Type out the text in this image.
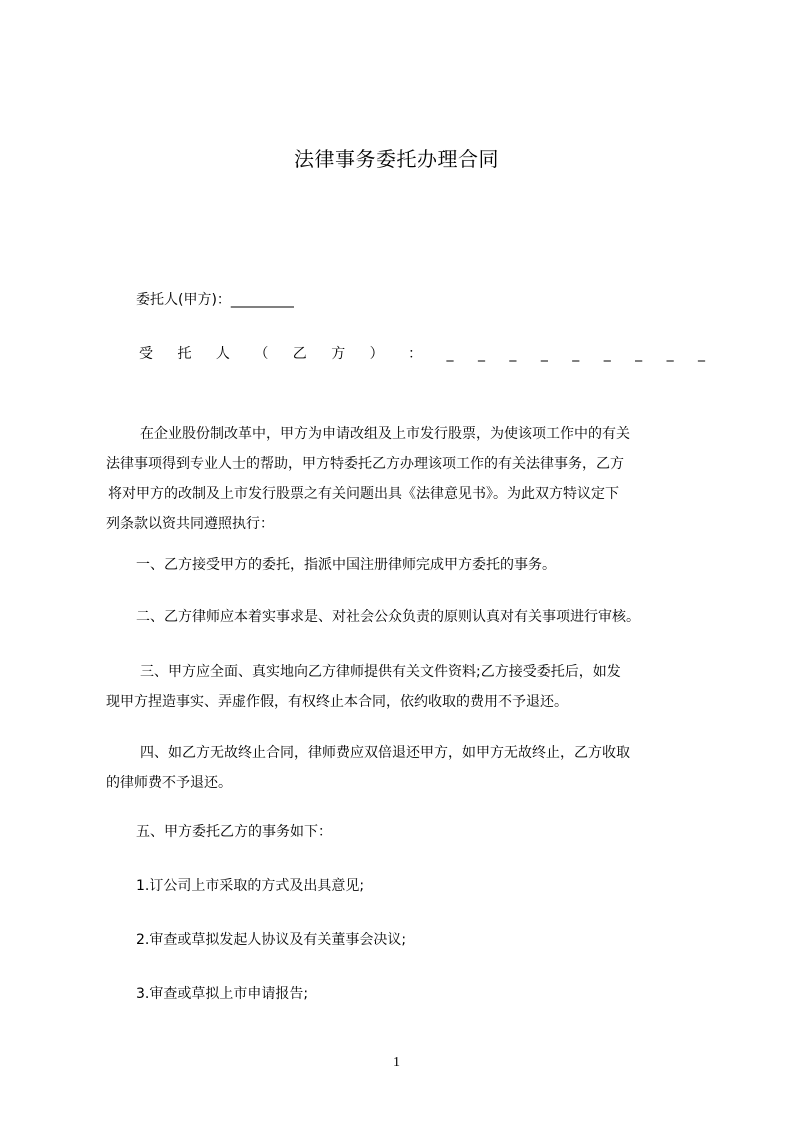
法律事务委托办理合同
委托人(甲方)：_________
受 托 人 （ 乙 方 ） ： _ _ _ _ _ _ _ _ _
在企业股份制改革中，甲方为申请改组及上市发行股票，为使该项工作中的有关
法律事项得到专业人士的帮助，甲方特委托乙方办理该项工作的有关法律事务，乙方
将对甲方的改制及上市发行股票之有关问题出具《法律意见书》。为此双方特议定下
列条款以资共同遵照执行：
一、乙方接受甲方的委托，指派中国注册律师完成甲方委托的事务。
二、乙方律师应本着实事求是、对社会公众负责的原则认真对有关事项进行审核。
三、甲方应全面、真实地向乙方律师提供有关文件资料;乙方接受委托后，如发
现甲方捏造事实、弄虚作假，有权终止本合同，依约收取的费用不予退还。
四、如乙方无故终止合同，律师费应双倍退还甲方，如甲方无故终止，乙方收取
的律师费不予退还。
五、甲方委托乙方的事务如下：
1.订公司上市采取的方式及出具意见;
2.审查或草拟发起人协议及有关董事会决议;
3.审查或草拟上市申请报告;
1
